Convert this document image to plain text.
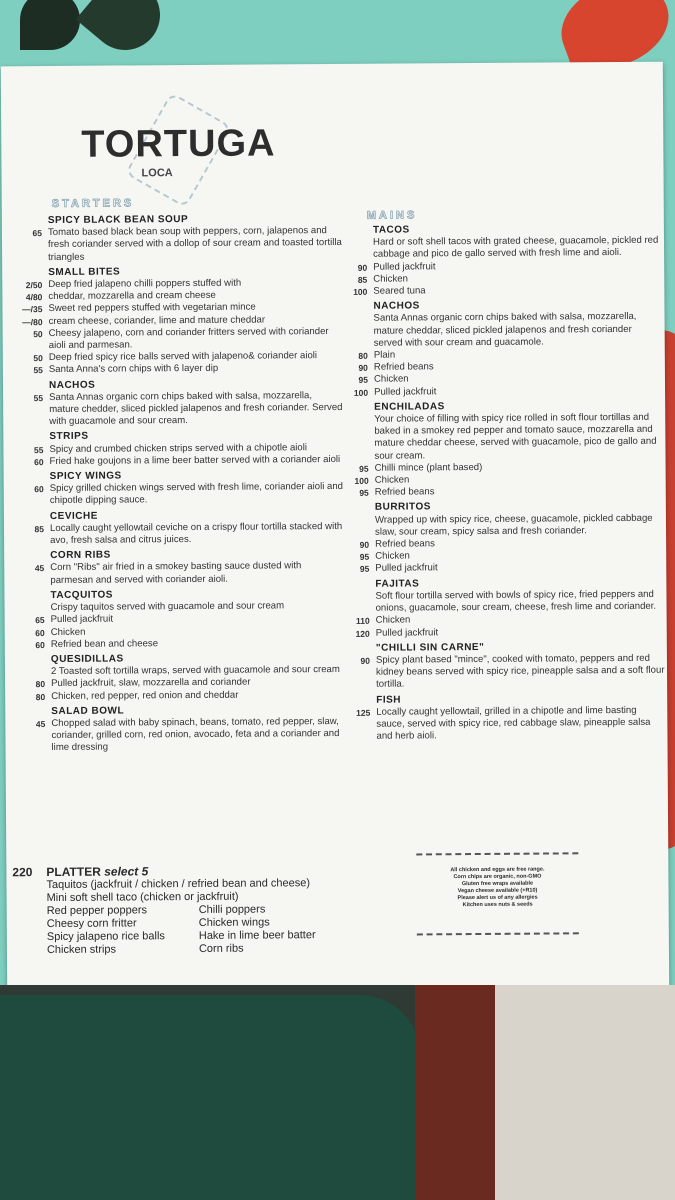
TORTUGA
LOCA
STARTERS
SPICY BLACK BEAN SOUP
65 Tomato based black bean soup with peppers, corn, jalapenos and fresh coriander served with a dollop of sour cream and toasted tortilla triangles
SMALL BITES
2/50 Deep fried jalapeno chilli poppers stuffed with
4/80 cheddar, mozzarella and cream cheese
—/35 Sweet red peppers stuffed with vegetarian mince
—/80 cream cheese, coriander, lime and mature cheddar
50 Cheesy jalapeno, corn and coriander fritters served with coriander aioli and parmesan.
50 Deep fried spicy rice balls served with jalapeno& coriander aioli
55 Santa Anna's corn chips with 6 layer dip
NACHOS
55 Santa Annas organic corn chips baked with salsa, mozzarella, mature chedder, sliced pickled jalapenos and fresh coriander. Served with guacamole and sour cream.
STRIPS
55 Spicy and crumbed chicken strips served with a chipotle aioli
60 Fried hake goujons in a lime beer batter served with a coriander aioli
SPICY WINGS
60 Spicy grilled chicken wings served with fresh lime, coriander aioli and chipotle dipping sauce.
CEVICHE
85 Locally caught yellowtail ceviche on a crispy flour tortilla stacked with avo, fresh salsa and citrus juices.
CORN RIBS
45 Corn "Ribs" air fried in a smokey basting sauce dusted with parmesan and served with coriander aioli.
TACQUITOS
Crispy taquitos served with guacamole and sour cream
65 Pulled jackfruit
60 Chicken
60 Refried bean and cheese
QUESIDILLAS
2 Toasted soft tortilla wraps, served with guacamole and sour cream
80 Pulled jackfruit, slaw, mozzarella and coriander
80 Chicken, red pepper, red onion and cheddar
SALAD BOWL
45 Chopped salad with baby spinach, beans, tomato, red pepper, slaw, coriander, grilled corn, red onion, avocado, feta and a coriander and lime dressing
MAINS
TACOS
Hard or soft shell tacos with grated cheese, guacamole, pickled red cabbage and pico de gallo served with fresh lime and aioli.
90 Pulled jackfruit
85 Chicken
100 Seared tuna
NACHOS
Santa Annas organic corn chips baked with salsa, mozzarella, mature cheddar, sliced pickled jalapenos and fresh coriander served with sour cream and guacamole.
80 Plain
90 Refried beans
95 Chicken
100 Pulled jackfruit
ENCHILADAS
Your choice of filling with spicy rice rolled in soft flour tortillas and baked in a smokey red pepper and tomato sauce, mozzarella and mature cheddar cheese, served with guacamole, pico de gallo and sour cream.
95 Chilli mince (plant based)
100 Chicken
95 Refried beans
BURRITOS
Wrapped up with spicy rice, cheese, guacamole, pickled cabbage slaw, sour cream, spicy salsa and fresh coriander.
90 Refried beans
95 Chicken
95 Pulled jackfruit
FAJITAS
Soft flour tortilla served with bowls of spicy rice, fried peppers and onions, guacamole, sour cream, cheese, fresh lime and coriander.
110 Chicken
120 Pulled jackfruit
"CHILLI SIN CARNE"
90 Spicy plant based "mince", cooked with tomato, peppers and red kidney beans served with spicy rice, pineapple salsa and a soft flour tortilla.
FISH
125 Locally caught yellowtail, grilled in a chipotle and lime basting sauce, served with spicy rice, red cabbage slaw, pineapple salsa and herb aioli.
220	PLATTER
select 5
Taquitos (jackfruit / chicken / refried bean and cheese)
Mini soft shell taco (chicken or jackfruit)
Red pepper poppers	Chilli poppers
Cheesy corn fritter	Chicken wings
Spicy jalapeno rice balls	Hake in lime beer batter
Chicken strips	Corn ribs
All chicken and eggs are free range.
Corn chips are organic, non-GMO
Gluten free wraps available
Vegan cheese available (+R10)
Please alert us of any allergies
Kitchen uses nuts & seeds
